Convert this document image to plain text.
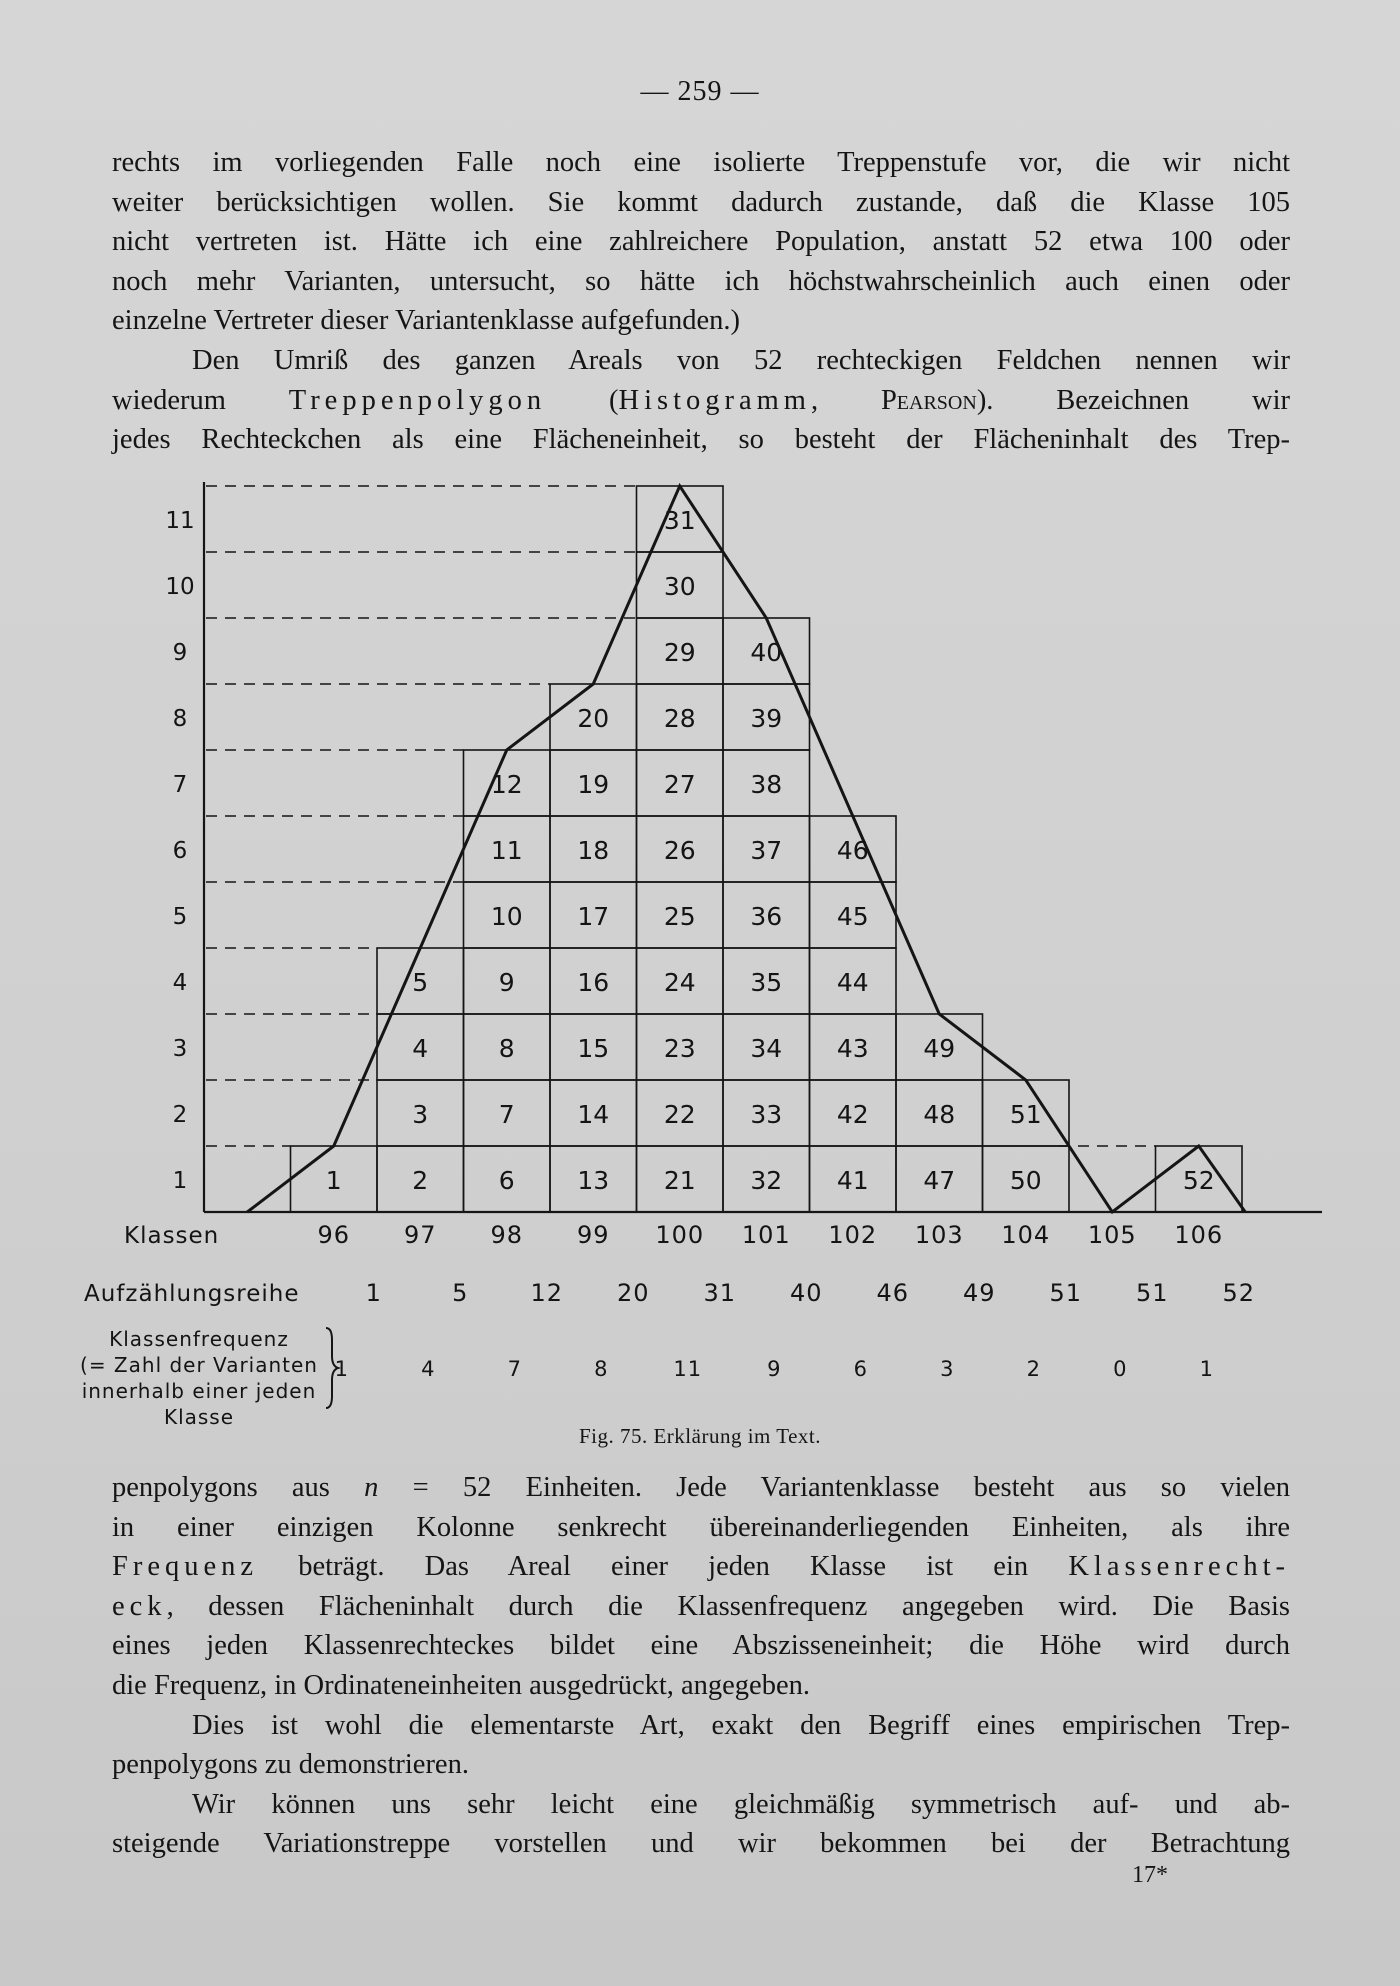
— 259 —
rechts im vorliegenden Falle noch eine isolierte Treppenstufe vor, die wir nicht
weiter berücksichtigen wollen. Sie kommt dadurch zustande, daß die Klasse 105
nicht vertreten ist. Hätte ich eine zahlreichere Population, anstatt 52 etwa 100 oder
noch mehr Varianten, untersucht, so hätte ich höchstwahrscheinlich auch einen oder
einzelne Vertreter dieser Variantenklasse aufgefunden.)
Den Umriß des ganzen Areals von 52 rechteckigen Feldchen nennen wir
wiederum Treppenpolygon (Histogramm, Pearson). Bezeichnen wir
jedes Rechteckchen als eine Flächeneinheit, so besteht der Flächeninhalt des Trep-
1	2
3
4
5
6
7
8
9
10
11
12
13
14
15
16
17
18
19
20
21
22
23
24
25
26
27
28
29
30
31
32
33
34
35
36
37
38
39
40
41
42
43
44
45
46
47
48
49
50
51
52
1
2
3
4
5
6
7
8
9
10
11
Klassen
Aufzählungsreihe
Klassenfrequenz
(= Zahl der Varianten
innerhalb einer jeden
Klasse
96
1
1
97
5
4
98
12
7
99
20
8
100
31
11
101
40
9
102
46
6
103
49
3
104
51
2
105
51
0
106
52
1
Fig. 75. Erklärung im Text.
penpolygons aus n = 52 Einheiten. Jede Variantenklasse besteht aus so vielen
in einer einzigen Kolonne senkrecht übereinanderliegenden Einheiten, als ihre
Frequenz beträgt. Das Areal einer jeden Klasse ist ein Klassenrecht-
eck, dessen Flächeninhalt durch die Klassenfrequenz angegeben wird. Die Basis
eines jeden Klassenrechteckes bildet eine Abszisseneinheit; die Höhe wird durch
die Frequenz, in Ordinateneinheiten ausgedrückt, angegeben.
Dies ist wohl die elementarste Art, exakt den Begriff eines empirischen Trep-
penpolygons zu demonstrieren.
Wir können uns sehr leicht eine gleichmäßig symmetrisch auf- und ab-
steigende Variationstreppe vorstellen und wir bekommen bei der Betrachtung
17*
